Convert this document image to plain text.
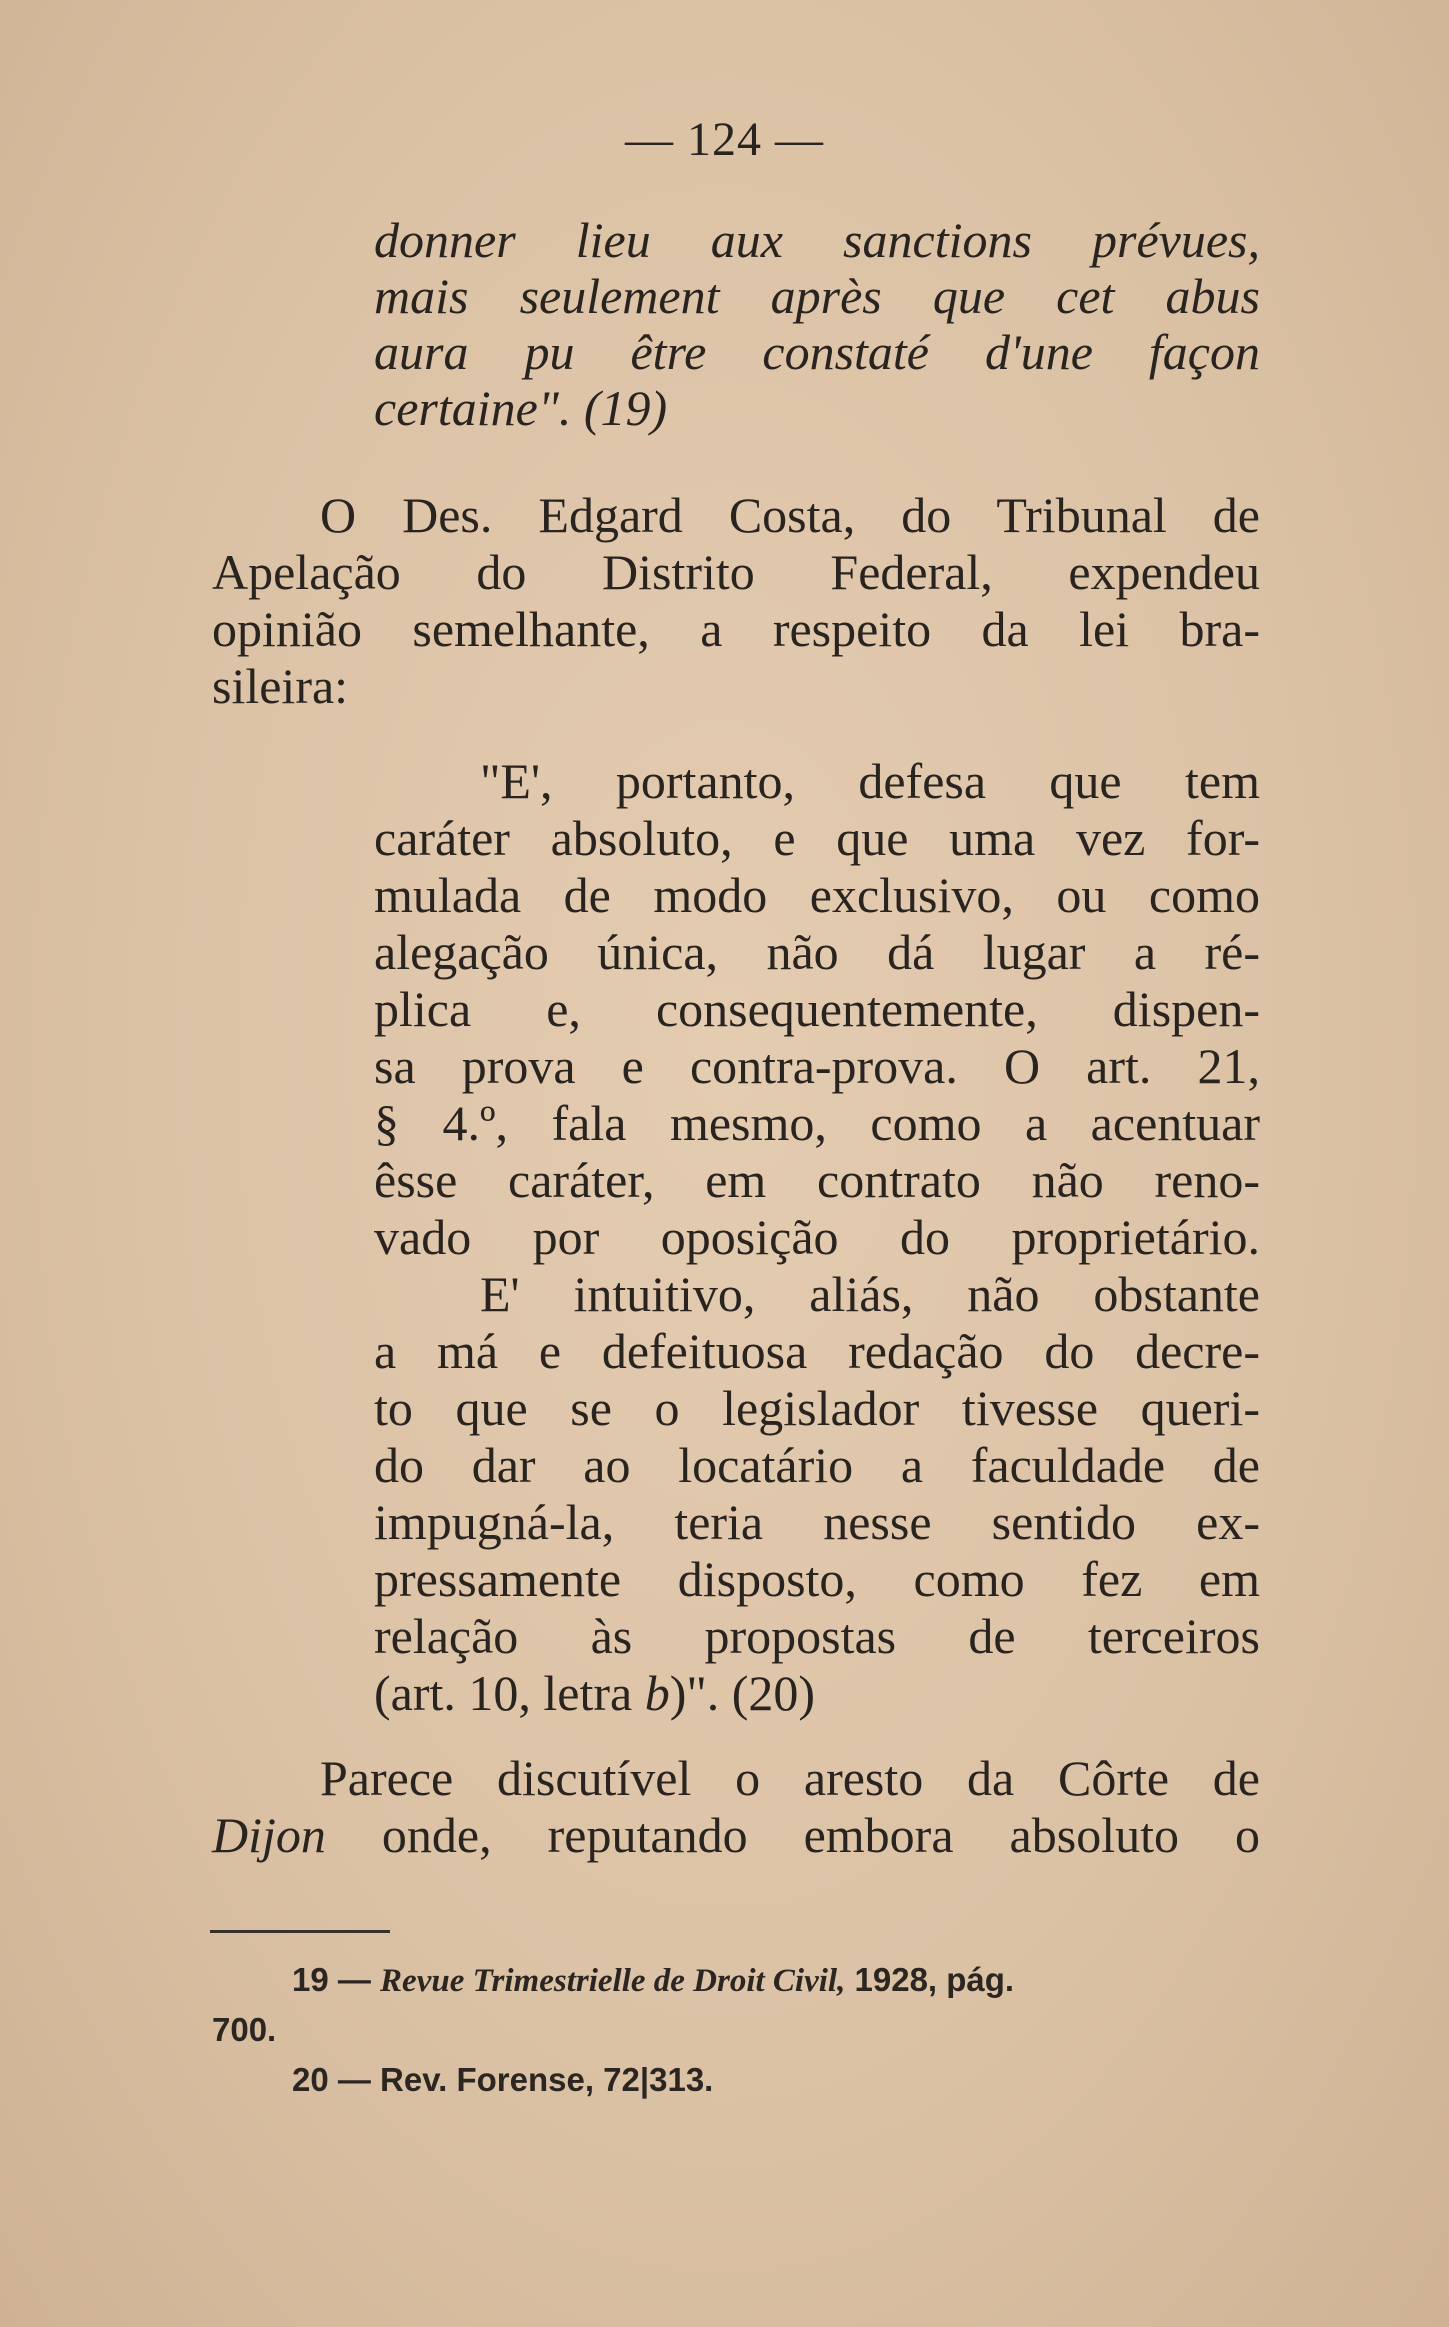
— 124 —
donner lieu aux sanctions prévues,
mais seulement après que cet abus
aura pu être constaté d'une façon
certaine". (19)
O Des. Edgard Costa, do Tribunal de
Apelação do Distrito Federal, expendeu
opinião semelhante, a respeito da lei bra-
sileira:
"E', portanto, defesa que tem
caráter absoluto, e que uma vez for-
mulada de modo exclusivo, ou como
alegação única, não dá lugar a ré-
plica e, consequentemente, dispen-
sa prova e contra-prova. O art. 21,
§ 4.º, fala mesmo, como a acentuar
êsse caráter, em contrato não reno-
vado por oposição do proprietário.
E' intuitivo, aliás, não obstante
a má e defeituosa redação do decre-
to que se o legislador tivesse queri-
do dar ao locatário a faculdade de
impugná-la, teria nesse sentido ex-
pressamente disposto, como fez em
relação às propostas de terceiros
(art. 10, letra b)". (20)
Parece discutível o aresto da Côrte de
Dijon onde, reputando embora absoluto o
19 — Revue Trimestrielle de Droit Civil, 1928, pág.
700.
20 — Rev. Forense, 72|313.
